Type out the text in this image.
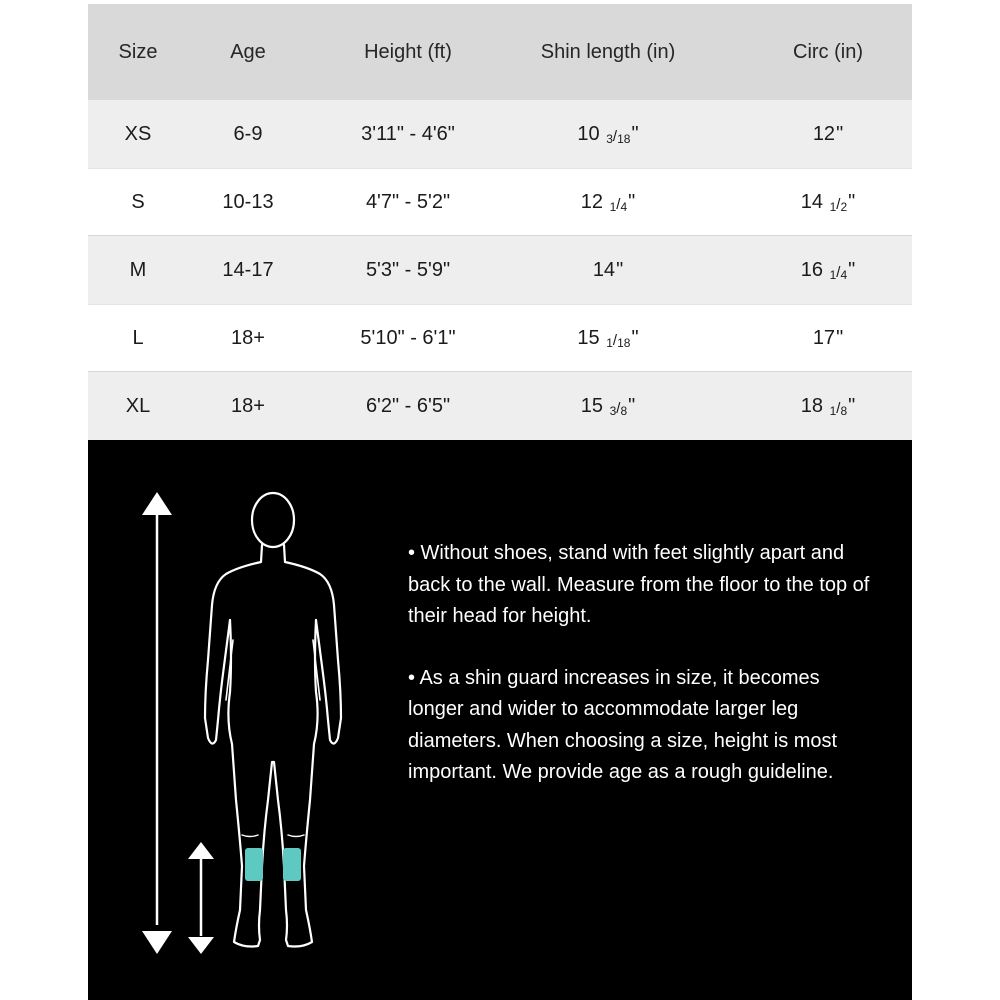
Size	Age	Height (ft)	Shin length (in)	Circ (in)
XS	6-9	3'11" - 4'6"	10 $_3$/18"	12"
S	10-13	4'7" - 5'2"	12 $_1$/4"	14 $_1$/2"
M	14-17	5'3" - 5'9"	14"	16 $_1$/4"
L	18+	5'10" - 6'1"	15 $_1$/18"	17"
XL	18+	6'2" - 6'5"	15 $_3$/8"	18 $_1$/8"

• Without shoes, stand with feet slightly apart and back to the wall. Measure from the floor to the top of their head for height.

• As a shin guard increases in size, it becomes longer and wider to accommodate larger leg diameters. When choosing a size, height is most important. We provide age as a rough guideline.
